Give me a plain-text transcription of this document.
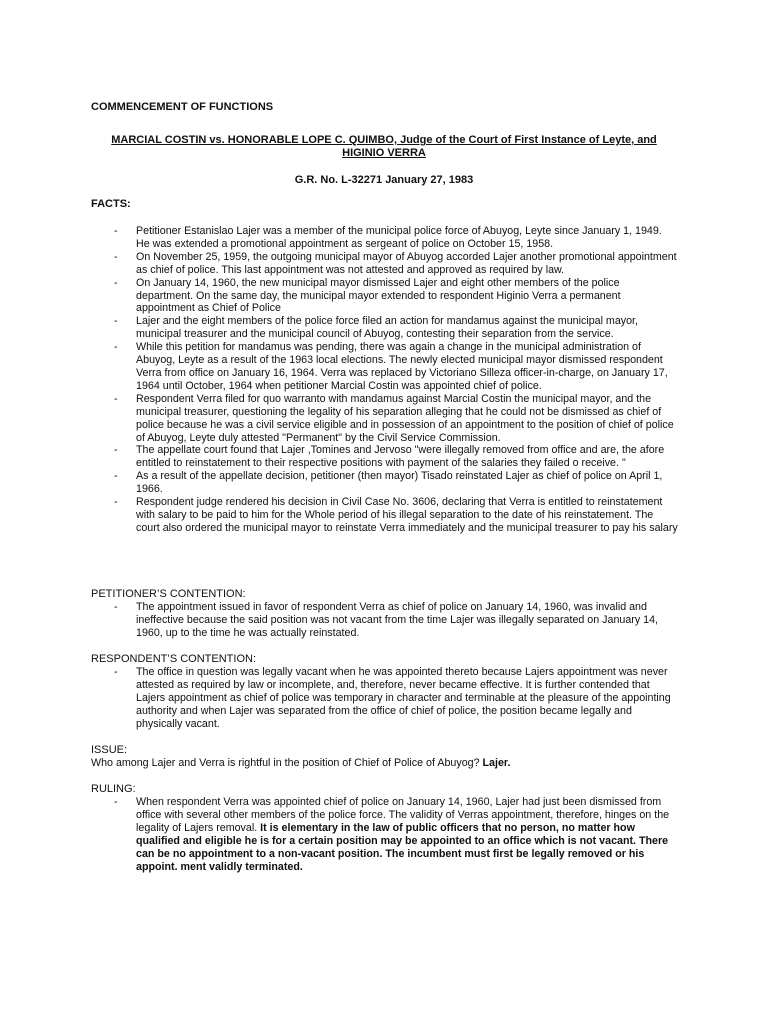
COMMENCEMENT OF FUNCTIONS
MARCIAL COSTIN vs. HONORABLE LOPE C. QUIMBO, Judge of the Court of First Instance of Leyte, and HIGINIO VERRA
G.R. No. L-32271 January 27, 1983
FACTS:
- Petitioner Estanislao Lajer was a member of the municipal police force of Abuyog, Leyte since January 1, 1949. He was extended a promotional appointment as sergeant of police on October 15, 1958.
- On November 25, 1959, the outgoing municipal mayor of Abuyog accorded Lajer another promotional appointment as chief of police. This last appointment was not attested and approved as required by law.
- On January 14, 1960, the new municipal mayor dismissed Lajer and eight other members of the police department. On the same day, the municipal mayor extended to respondent Higinio Verra a permanent appointment as Chief of Police
- Lajer and the eight members of the police force filed an action for mandamus against the municipal mayor, municipal treasurer and the municipal council of Abuyog, contesting their separation from the service.
- While this petition for mandamus was pending, there was again a change in the municipal administration of Abuyog, Leyte as a result of the 1963 local elections. The newly elected municipal mayor dismissed respondent Verra from office on January 16, 1964. Verra was replaced by Victoriano Silleza officer-in-charge, on January 17, 1964 until October, 1964 when petitioner Marcial Costin was appointed chief of police.
- Respondent Verra filed for quo warranto with mandamus against Marcial Costin the municipal mayor, and the municipal treasurer, questioning the legality of his separation alleging that he could not be dismissed as chief of police because he was a civil service eligible and in possession of an appointment to the position of chief of police of Abuyog, Leyte duly attested "Permanent" by the Civil Service Commission.
- The appellate court found that Lajer ,Tomines and Jervoso "were illegally removed from office and are, the afore entitled to reinstatement to their respective positions with payment of the salaries they failed o receive. "
- As a result of the appellate decision, petitioner (then mayor) Tisado reinstated Lajer as chief of police on April 1, 1966.
- Respondent judge rendered his decision in Civil Case No. 3606, declaring that Verra is entitled to reinstatement with salary to be paid to him for the Whole period of his illegal separation to the date of his reinstatement. The court also ordered the municipal mayor to reinstate Verra immediately and the municipal treasurer to pay his salary
PETITIONER’S CONTENTION:
- The appointment issued in favor of respondent Verra as chief of police on January 14, 1960, was invalid and ineffective because the said position was not vacant from the time Lajer was illegally separated on January 14, 1960, up to the time he was actually reinstated.
RESPONDENT’S CONTENTION:
- The office in question was legally vacant when he was appointed thereto because Lajers appointment was never attested as required by law or incomplete, and, therefore, never became effective. It is further contended that Lajers appointment as chief of police was temporary in character and terminable at the pleasure of the appointing authority and when Lajer was separated from the office of chief of police, the position became legally and physically vacant.
ISSUE:
Who among Lajer and Verra is rightful in the position of Chief of Police of Abuyog? Lajer.
RULING:
- When respondent Verra was appointed chief of police on January 14, 1960, Lajer had just been dismissed from office with several other members of the police force. The validity of Verras appointment, therefore, hinges on the legality of Lajers removal. It is elementary in the law of public officers that no person, no matter how qualified and eligible he is for a certain position may be appointed to an office which is not vacant. There can be no appointment to a non-vacant position. The incumbent must first be legally removed or his appoint. ment validly terminated.
